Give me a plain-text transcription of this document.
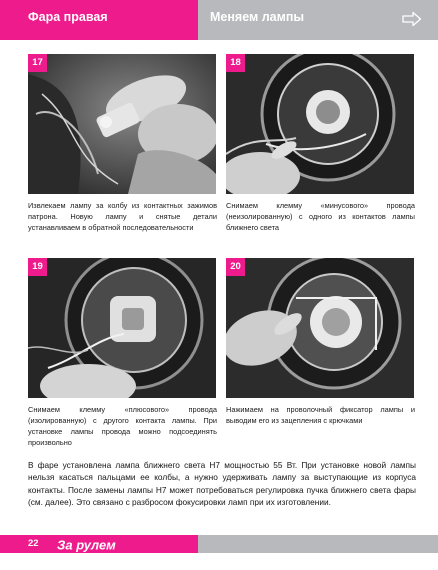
Фара правая	Меняем лампы
17	18
19	20

Извлекаем лампу за колбу из контактных зажимов патрона. Новую лампу и снятые детали устанавливаем в обратной последовательности

Снимаем клемму «минусового» провода (неизолированную) с одного из контактов лампы ближнего света

Снимаем клемму «плюсового» провода (изолированную) с другого контакта лампы. При установке лампы провода можно подсоединять произвольно

Нажимаем на проволочный фиксатор лампы и выводим его из зацепления с крючками

В фаре установлена лампа ближнего света Н7 мощностью 55 Вт. При установке новой лампы нельзя касаться пальцами ее колбы, а нужно удерживать лампу за выступающие из корпуса контакты. После замены лампы Н7 может потребоваться регулировка пучка ближнего света фары (см. далее). Это связано с разбросом фокусировки ламп при их изготовлении.

22 За рулем
